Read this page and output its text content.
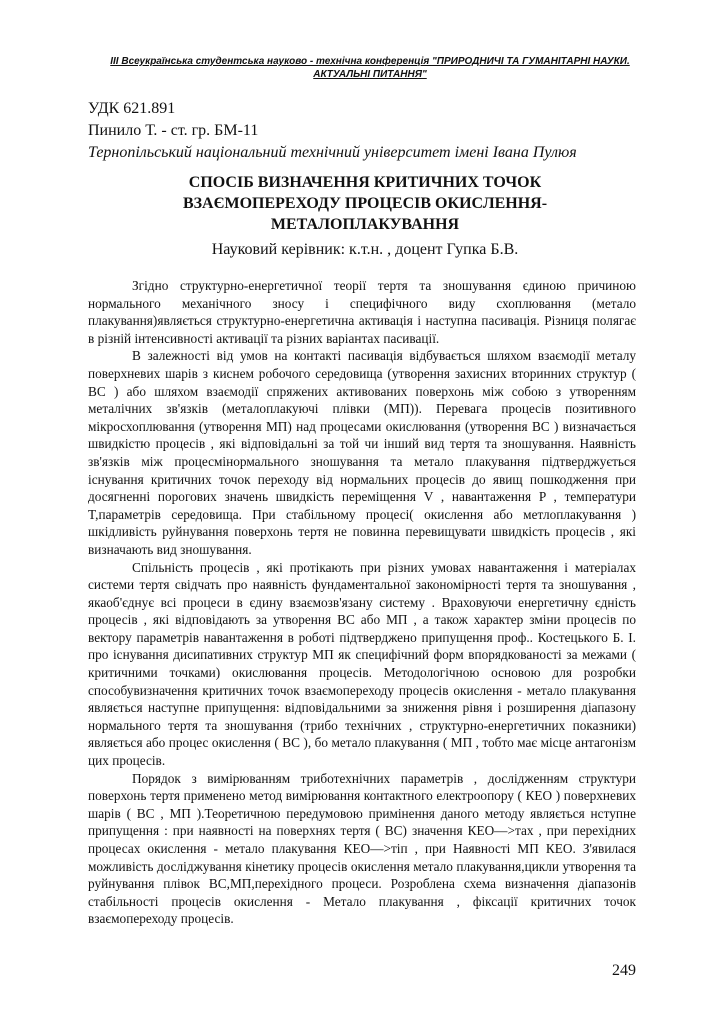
ІІІ Всеукраїнська студентська науково - технічна конференція "ПРИРОДНИЧІ ТА ГУМАНІТАРНІ НАУКИ.
АКТУАЛЬНІ ПИТАННЯ"
УДК 621.891
Пинило Т. - ст. гр. БМ-11
Тернопільський національний технічний університет імені Івана Пулюя
СПОСІБ ВИЗНАЧЕННЯ КРИТИЧНИХ ТОЧОК
ВЗАЄМОПЕРЕХОДУ ПРОЦЕСІВ ОКИСЛЕННЯ-
МЕТАЛОПЛАКУВАННЯ
Науковий керівник: к.т.н. , доцент Гупка Б.В.

Згідно структурно-енергетичної теорії тертя та зношування єдиною причиною нормального механічного зносу і специфічного виду схоплювання (метало плакування)являється структурно-енергетична активація і наступна пасивація. Різниця полягає в різній інтенсивності активації та різних варіантах пасивації.

В залежності від умов на контакті пасивація відбувається шляхом взаємодії металу поверхневих шарів з киснем робочого середовища (утворення захисних вторинних структур ( ВС ) або шляхом взаємодії спряжених активованих поверхонь між собою з утворенням металічних зв'язків (металоплакуючі плівки (МП)). Перевага процесів позитивного мікросхоплювання (утворення МП) над процесами окислювання (утворення ВС ) визначається швидкістю процесів , які відповідальні за той чи інший вид тертя та зношування. Наявність зв'язків між процесмінормального зношування та метало плакування підтверджується існування критичних точок переходу від нормальних процесів до явищ пошкодження при досягненні порогових значень швидкість переміщення V , навантаження P , температури T,параметрів середовища. При стабільному процесі( окислення або метлоплакування ) шкідливість руйнування поверхонь тертя не повинна перевищувати швидкість процесів , які визначають вид зношування.

Спільність процесів , які протікають при різних умовах навантаження і матеріалах системи тертя свідчать про наявність фундаментальної закономірності тертя та зношування , якаоб'єднує всі процеси в єдину взаємозв'язану систему . Враховуючи енергетичну єдність процесів , які відповідають за утворення ВС або МП , а також характер зміни процесів по вектору параметрів навантаження в роботі підтверджено припущення проф.. Костецького Б. І. про існування дисипативних структур МП як специфічний форм впорядкованості за межами ( критичними точками) окислювання процесів. Методологічною основою для розробки способувизначення критичних точок взаємопереходу процесів окислення - метало плакування являється наступне припущення: відповідальними за зниження рівня і розширення діапазону нормального тертя та зношування (трибо технічних , структурно-енергетичних показники) являється або процес окислення ( ВС ), бо метало плакування ( МП , тобто має місце антагонізм цих процесів.

Порядок з вимірюванням триботехнічних параметрів , дослідженням структури поверхонь тертя применено метод вимірювання контактного електроопору ( КЕО ) поверхневих шарів ( ВС , МП ).Теоретичною передумовою примінення даного методу являється нступне припущення : при наявності на поверхнях тертя ( ВС) значення КЕО—>тах , при перехідних процесах окислення - метало плакування КЕО—>тіп , при Наявності МП КЕО. З'явилася можливість досліджування кінетику процесів окислення метало плакування,цикли утворення та руйнування плівок ВС,МП,перехідного процеси. Розроблена схема визначення діапазонів стабільності процесів окислення - Метало плакування , фіксації критичних точок взаємопереходу процесів.

249
